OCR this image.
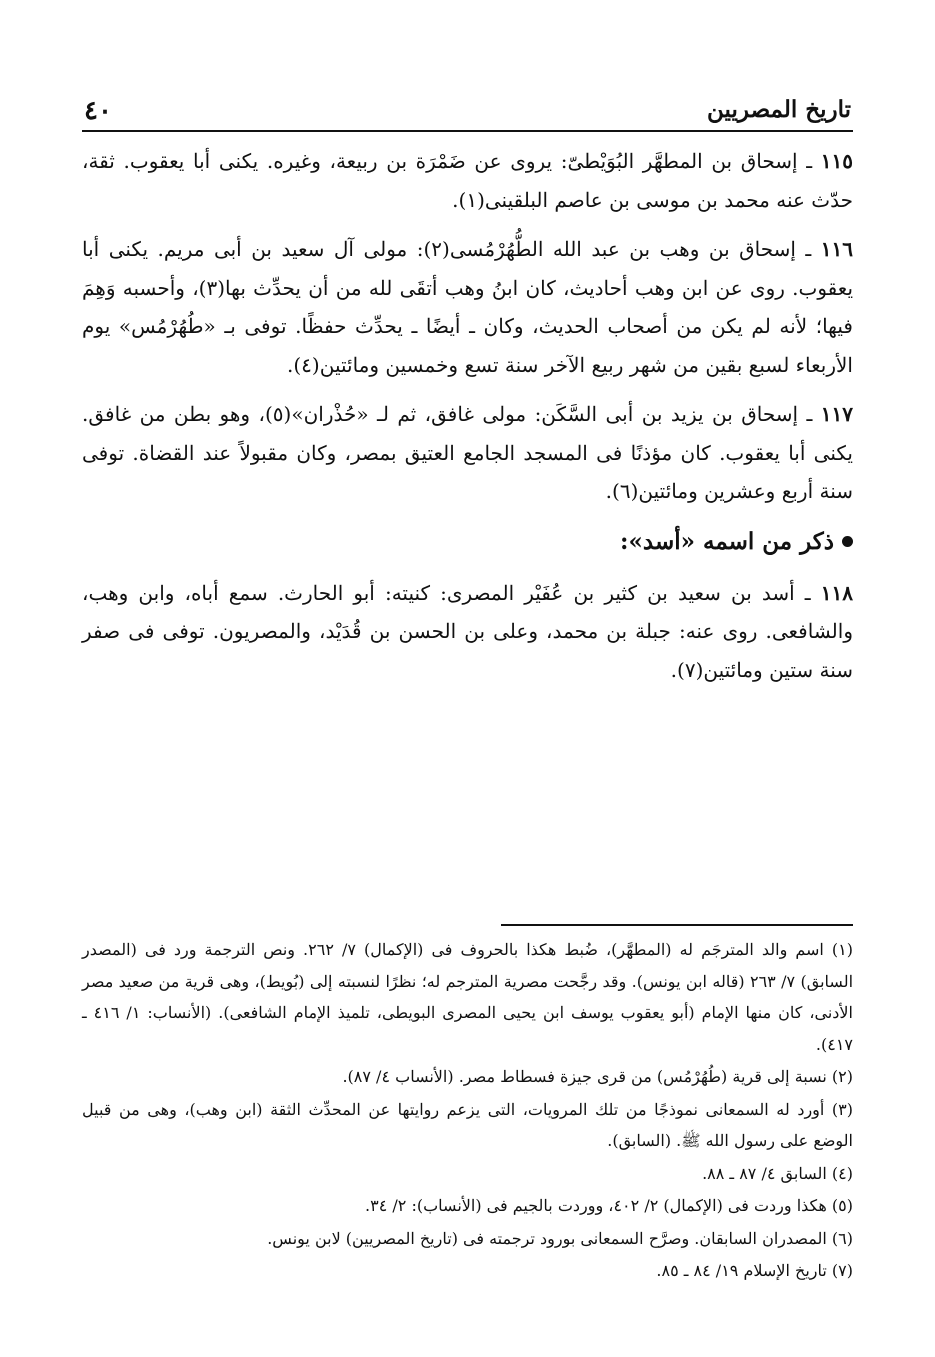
تاريخ المصريين
٤٠

١١٥ ـ إسحاق بن المطهَّر البُوَيْطىّ: يروى عن ضَمْرَة بن ربيعة، وغيره. يكنى أبا يعقوب. ثقة، حدّث عنه محمد بن موسى بن عاصم البلقينى(١).

١١٦ ـ إسحاق بن وهب بن عبد الله الطُّهُرْمُسى(٢): مولى آل سعيد بن أبى مريم. يكنى أبا يعقوب. روى عن ابن وهب أحاديث، كان ابنُ وهب أتقَى لله من أن يحدِّث بها(٣)، وأحسبه وَهِمَ فيها؛ لأنه لم يكن من أصحاب الحديث، وكان ـ أيضًا ـ يحدِّث حفظًا. توفى بـ «طُهُرْمُس» يوم الأربعاء لسبع بقين من شهر ربيع الآخر سنة تسع وخمسين ومائتين(٤).

١١٧ ـ إسحاق بن يزيد بن أبى السَّكَن: مولى غافق، ثم لـ «حُذْران»(٥)، وهو بطن من غافق. يكنى أبا يعقوب. كان مؤذنًا فى المسجد الجامع العتيق بمصر، وكان مقبولاً عند القضاة. توفى سنة أربع وعشرين ومائتين(٦).

ذكر من اسمه «أسد»:

١١٨ ـ أسد بن سعيد بن كثير بن عُفَيْر المصرى: كنيته: أبو الحارث. سمع أباه، وابن وهب، والشافعى. روى عنه: جبلة بن محمد، وعلى بن الحسن بن قُدَيْد، والمصريون. توفى فى صفر سنة ستين ومائتين(٧).

(١) اسم والد المترجَم له (المطهَّر)، ضُبط هكذا بالحروف فى (الإكمال) ٧/ ٢٦٢. ونص الترجمة ورد فى (المصدر السابق) ٧/ ٢٦٣ (قاله ابن يونس). وقد رجَّحت مصرية المترجم له؛ نظرًا لنسبته إلى (بُويط)، وهى قرية من صعيد مصر الأدنى، كان منها الإمام (أبو يعقوب يوسف ابن يحيى المصرى البويطى، تلميذ الإمام الشافعى). (الأنساب: ١/ ٤١٦ ـ ٤١٧).

(٢) نسبة إلى قرية (طُهُرْمُس) من قرى جيزة فسطاط مصر. (الأنساب ٤/ ٨٧).

(٣) أورد له السمعانى نموذجًا من تلك المرويات، التى يزعم روايتها عن المحدِّث الثقة (ابن وهب)، وهى من قبيل الوضع على رسول الله ﷺ. (السابق).

(٤) السابق ٤/ ٨٧ ـ ٨٨.

(٥) هكذا وردت فى (الإكمال) ٢/ ٤٠٢، ووردت بالجيم فى (الأنساب): ٢/ ٣٤.

(٦) المصدران السابقان. وصرَّح السمعانى بورود ترجمته فى (تاريخ المصريين) لابن يونس.

(٧) تاريخ الإسلام ١٩/ ٨٤ ـ ٨٥.
